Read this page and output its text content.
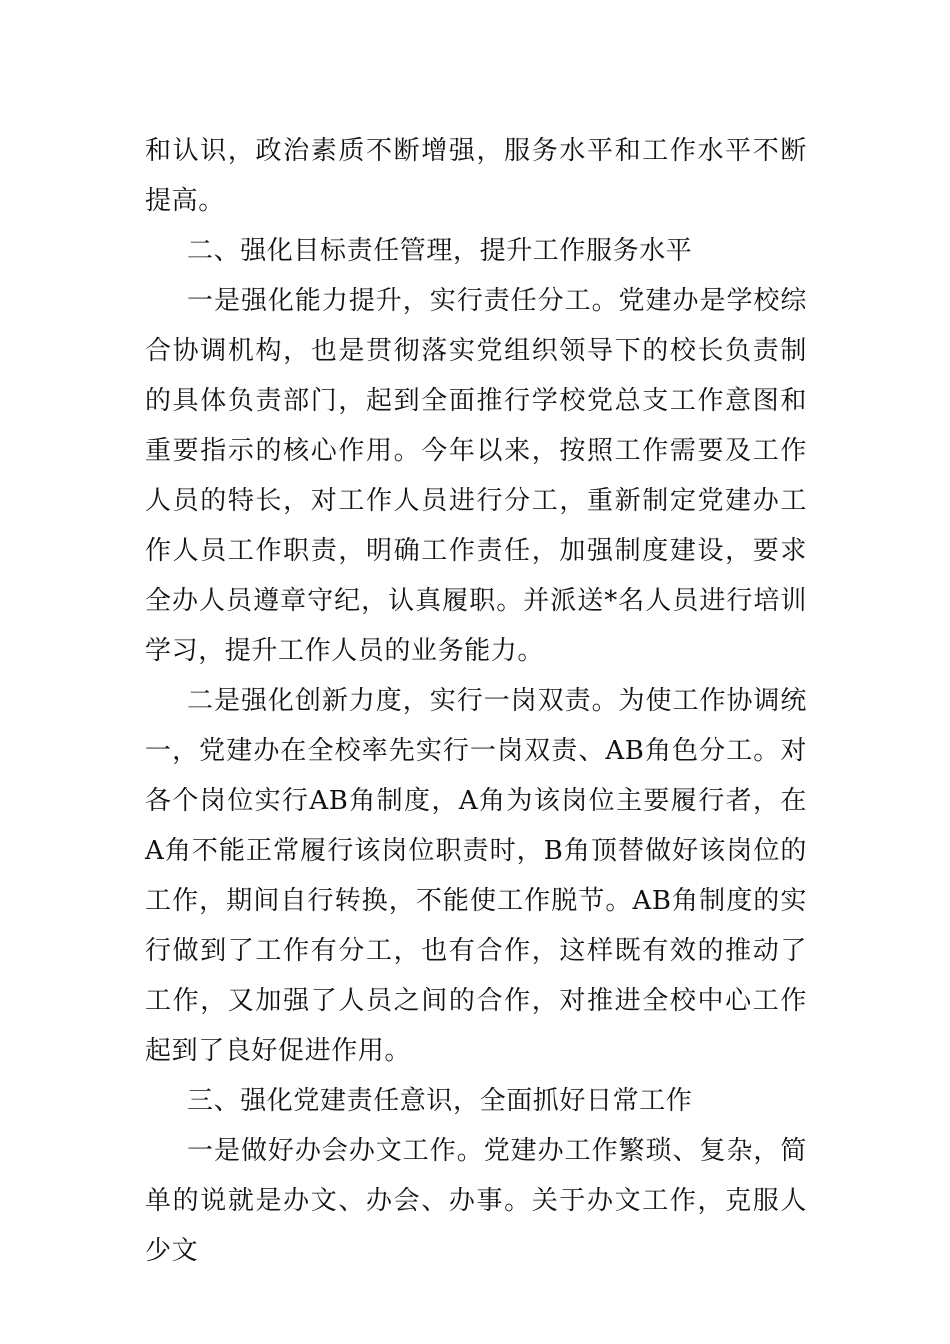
和认识，政治素质不断增强，服务水平和工作水平不断提高。

二、强化目标责任管理，提升工作服务水平

一是强化能力提升，实行责任分工。党建办是学校综合协调机构，也是贯彻落实党组织领导下的校长负责制的具体负责部门，起到全面推行学校党总支工作意图和重要指示的核心作用。今年以来，按照工作需要及工作人员的特长，对工作人员进行分工，重新制定党建办工作人员工作职责，明确工作责任，加强制度建设，要求全办人员遵章守纪，认真履职。并派送*名人员进行培训学习，提升工作人员的业务能力。

二是强化创新力度，实行一岗双责。为使工作协调统一，党建办在全校率先实行一岗双责、AB角色分工。对各个岗位实行AB角制度，A角为该岗位主要履行者，在A角不能正常履行该岗位职责时，B角顶替做好该岗位的工作，期间自行转换，不能使工作脱节。AB角制度的实行做到了工作有分工，也有合作，这样既有效的推动了工作，又加强了人员之间的合作，对推进全校中心工作起到了良好促进作用。

三、强化党建责任意识，全面抓好日常工作

一是做好办会办文工作。党建办工作繁琐、复杂，简单的说就是办文、办会、办事。关于办文工作，克服人少文
